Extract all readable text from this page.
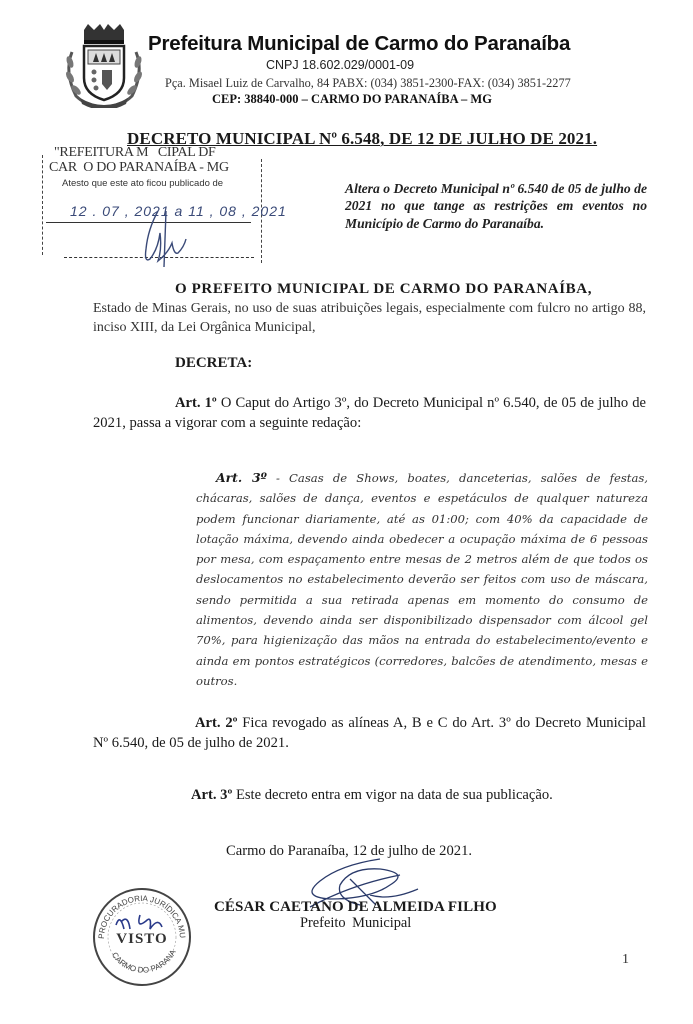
Prefeitura Municipal de Carmo do Paranaíba
CNPJ 18.602.029/0001-09
Pça. Misael Luiz de Carvalho, 84 PABX: (034) 3851-2300-FAX: (034) 3851-2277
CEP: 38840-000 – CARMO DO PARANAÍBA – MG
DECRETO MUNICIPAL Nº 6.548, DE 12 DE JULHO DE 2021.
"REFEITURA M   CIPAL DF
CAR  O DO PARANAÍBA - MG
Atesto que este ato ficou publicado de
12 . 07 , 2021 a 11 , 08 , 2021
Altera o Decreto Municipal nº 6.540 de 05 de julho de 2021 no que tange as restrições em eventos no Município de Carmo do Paranaíba.
O PREFEITO MUNICIPAL DE CARMO DO PARANAÍBA,
Estado de Minas Gerais, no uso de suas atribuições legais, especialmente com fulcro no artigo 88, inciso XIII, da Lei Orgânica Municipal,
DECRETA:
Art. 1º O Caput do Artigo 3º, do Decreto Municipal nº 6.540, de 05 de julho de 2021, passa a vigorar com a seguinte redação:
Art. 3º - Casas de Shows, boates, danceterias, salões de festas, chácaras, salões de dança, eventos e espetáculos de qualquer natureza podem funcionar diariamente, até as 01:00; com 40% da capacidade de lotação máxima, devendo ainda obedecer a ocupação máxima de 6 pessoas por mesa, com espaçamento entre mesas de 2 metros além de que todos os deslocamentos no estabelecimento deverão ser feitos com uso de máscara, sendo permitida a sua retirada apenas em momento do consumo de alimentos, devendo ainda ser disponibilizado dispensador com álcool gel 70%, para higienização das mãos na entrada do estabelecimento/evento e ainda em pontos estratégicos (corredores, balcões de atendimento, mesas e outros.
Art. 2º Fica revogado as alíneas A, B e C do Art. 3º do Decreto Municipal Nº 6.540, de 05 de julho de 2021.
Art. 3º Este decreto entra em vigor na data de sua publicação.
Carmo do Paranaíba, 12 de julho de 2021.
CÉSAR CAETANO DE ALMEIDA FILHO
Prefeito Municipal
PROCURADORIA JURÍDICA MU
CARMO DO PARANA
VISTO
1
